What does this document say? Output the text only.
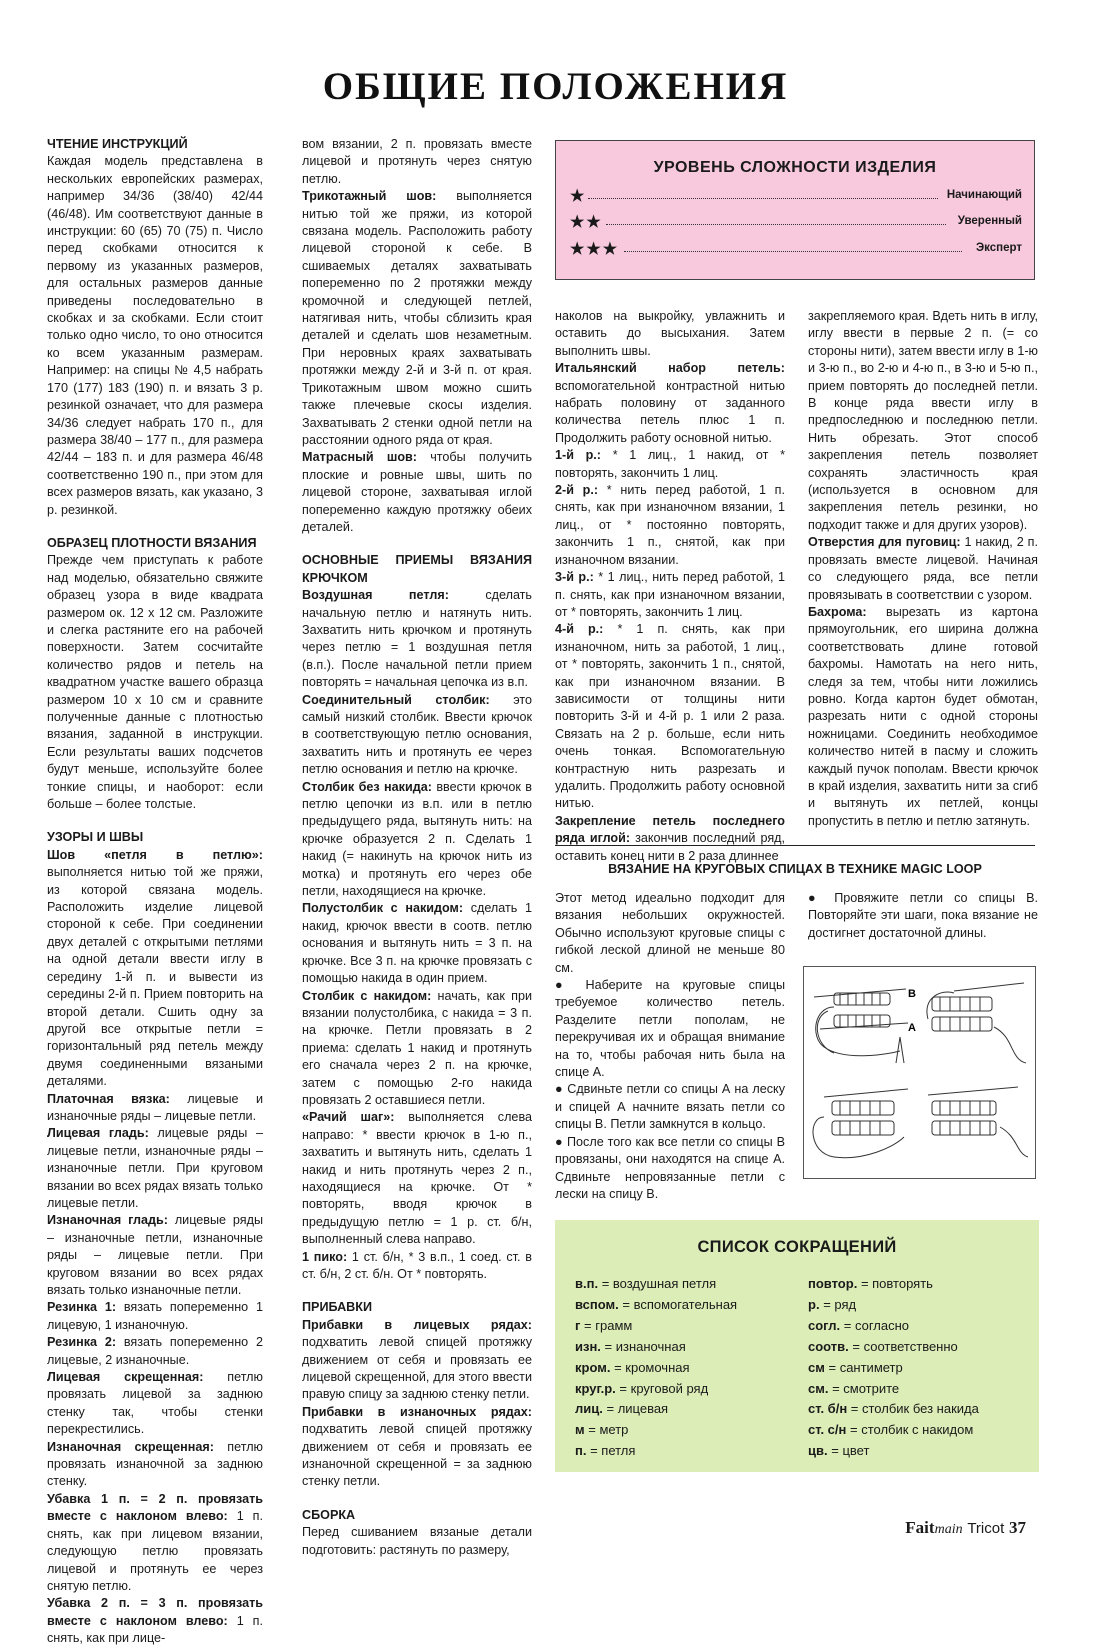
ОБЩИЕ ПОЛОЖЕНИЯ
ЧТЕНИЕ ИНСТРУКЦИЙ

Каждая модель представлена в нескольких европейских размерах, например 34/36 (38/40) 42/44 (46/48). Им соответствуют данные в инструкции: 60 (65) 70 (75) п. Число перед скобками относится к первому из указанных размеров, для остальных размеров данные приведены последовательно в скобках и за скобками. Если стоит только одно число, то оно относится ко всем указанным размерам. Например: на спицы № 4,5 набрать 170 (177) 183 (190) п. и вязать 3 р. резинкой означает, что для размера 34/36 следует набрать 170 п., для размера 38/40 – 177 п., для размера 42/44 – 183 п. и для размера 46/48 соответственно 190 п., при этом для всех размеров вязать, как указано, 3 р. резинкой.

ОБРАЗЕЦ ПЛОТНОСТИ ВЯЗАНИЯ

Прежде чем приступать к работе над моделью, обязательно свяжите образец узора в виде квадрата размером ок. 12 х 12 см. Разложите и слегка растяните его на рабочей поверхности. Затем сосчитайте количество рядов и петель на квадратном участке вашего образца размером 10 х 10 см и сравните полученные данные с плотностью вязания, заданной в инструкции. Если результаты ваших подсчетов будут меньше, используйте более тонкие спицы, и наоборот: если больше – более толстые.

УЗОРЫ И ШВЫ

Шов «петля в петлю»: выполняется нитью той же пряжи, из которой связана модель. Расположить изделие лицевой стороной к себе. При соединении двух деталей с открытыми петлями на одной детали ввести иглу в середину 1-й п. и вывести из середины 2-й п. Прием повторить на второй детали. Сшить одну за другой все открытые петли = горизонтальный ряд петель между двумя соединенными вязаными деталями.

Платочная вязка: лицевые и изнаночные ряды – лицевые петли.

Лицевая гладь: лицевые ряды – лицевые петли, изнаночные ряды – изнаночные петли. При круговом вязании во всех рядах вязать только лицевые петли.

Изнаночная гладь: лицевые ряды – изнаночные петли, изнаночные ряды – лицевые петли. При круговом вязании во всех рядах вязать только изнаночные петли.

Резинка 1: вязать попеременно 1 лицевую, 1 изнаночную.

Резинка 2: вязать попеременно 2 лицевые, 2 изнаночные.

Лицевая скрещенная: петлю провязать лицевой за заднюю стенку так, чтобы стенки перекрестились.

Изнаночная скрещенная: петлю провязать изнаночной за заднюю стенку.

Убавка 1 п. = 2 п. провязать вместе с наклоном влево: 1 п. снять, как при лицевом вязании, следующую петлю провязать лицевой и протянуть ее через снятую петлю.

Убавка 2 п. = 3 п. провязать вместе с наклоном влево: 1 п. снять, как при лице-

вом вязании, 2 п. провязать вместе лицевой и протянуть через снятую петлю.

Трикотажный шов: выполняется нитью той же пряжи, из которой связана модель. Расположить работу лицевой стороной к себе. В сшиваемых деталях захватывать попеременно по 2 протяжки между кромочной и следующей петлей, натягивая нить, чтобы сблизить края деталей и сделать шов незаметным. При неровных краях захватывать протяжки между 2-й и 3-й п. от края. Трикотажным швом можно сшить также плечевые скосы изделия. Захватывать 2 стенки одной петли на расстоянии одного ряда от края.

Матрасный шов: чтобы получить плоские и ровные швы, шить по лицевой стороне, захватывая иглой попеременно каждую протяжку обеих деталей.

ОСНОВНЫЕ ПРИЕМЫ ВЯЗАНИЯ КРЮЧКОМ

Воздушная петля: сделать начальную петлю и натянуть нить. Захватить нить крючком и протянуть через петлю = 1 воздушная петля (в.п.). После начальной петли прием повторять = начальная цепочка из в.п.

Соединительный столбик: это самый низкий столбик. Ввести крючок в соответствующую петлю основания, захватить нить и протянуть ее через петлю основания и петлю на крючке.

Столбик без накида: ввести крючок в петлю цепочки из в.п. или в петлю предыдущего ряда, вытянуть нить: на крючке образуется 2 п. Сделать 1 накид (= накинуть на крючок нить из мотка) и протянуть его через обе петли, находящиеся на крючке.

Полустолбик с накидом: сделать 1 накид, крючок ввести в соотв. петлю основания и вытянуть нить = 3 п. на крючке. Все 3 п. на крючке провязать с помощью накида в один прием.

Столбик с накидом: начать, как при вязании полустолбика, с накида = 3 п. на крючке. Петли провязать в 2 приема: сделать 1 накид и протянуть его сначала через 2 п. на крючке, затем с помощью 2-го накида провязать 2 оставшиеся петли.

«Рачий шаг»: выполняется слева направо: * ввести крючок в 1-ю п., захватить и вытянуть нить, сделать 1 накид и нить протянуть через 2 п., находящиеся на крючке. От * повторять, вводя крючок в предыдущую петлю = 1 р. ст. б/н, выполненный слева направо.

1 пико: 1 ст. б/н, * 3 в.п., 1 соед. ст. в ст. б/н, 2 ст. б/н. От * повторять.

ПРИБАВКИ

Прибавки в лицевых рядах: подхватить левой спицей протяжку движением от себя и провязать ее лицевой скрещенной, для этого ввести правую спицу за заднюю стенку петли.

Прибавки в изнаночных рядах: подхватить левой спицей протяжку движением от себя и провязать ее изнаночной скрещенной = за заднюю стенку петли.

СБОРКА

Перед сшиванием вязаные детали подготовить: растянуть по размеру,

УРОВЕНЬ СЛОЖНОСТИ ИЗДЕЛИЯ
★	Начинающий
★★	Уверенный
★★★	Эксперт

наколов на выкройку, увлажнить и оставить до высыхания. Затем выполнить швы.

Итальянский набор петель: вспомогательной контрастной нитью набрать половину от заданного количества петель плюс 1 п. Продолжить работу основной нитью.

1-й р.: * 1 лиц., 1 накид, от * повторять, закончить 1 лиц.

2-й р.: * нить перед работой, 1 п. снять, как при изнаночном вязании, 1 лиц., от * постоянно повторять, закончить 1 п., снятой, как при изнаночном вязании.

3-й р.: * 1 лиц., нить перед работой, 1 п. снять, как при изнаночном вязании, от * повторять, закончить 1 лиц.

4-й р.: * 1 п. снять, как при изнаночном, нить за работой, 1 лиц., от * повторять, закончить 1 п., снятой, как при изнаночном вязании. В зависимости от толщины нити повторить 3-й и 4-й р. 1 или 2 раза. Связать на 2 р. больше, если нить очень тонкая. Вспомогательную контрастную нить разрезать и удалить. Продолжить работу основной нитью.

Закрепление петель последнего ряда иглой: закончив последний ряд, оставить конец нити в 2 раза длиннее

закрепляемого края. Вдеть нить в иглу, иглу ввести в первые 2 п. (= со стороны нити), затем ввести иглу в 1-ю и 3-ю п., во 2-ю и 4-ю п., в 3-ю и 5-ю п., прием повторять до последней петли. В конце ряда ввести иглу в предпоследнюю и последнюю петли. Нить обрезать. Этот способ закрепления петель позволяет сохранять эластичность края (используется в основном для закрепления петель резинки, но подходит также и для других узоров).

Отверстия для пуговиц: 1 накид, 2 п. провязать вместе лицевой. Начиная со следующего ряда, все петли провязывать в соответствии с узором.

Бахрома: вырезать из картона прямоугольник, его ширина должна соответствовать длине готовой бахромы. Намотать на него нить, следя за тем, чтобы нити ложились ровно. Когда картон будет обмотан, разрезать нити с одной стороны ножницами. Соединить необходимое количество нитей в пасму и сложить каждый пучок пополам. Ввести крючок в край изделия, захватить нити за сгиб и вытянуть их петлей, концы пропустить в петлю и петлю затянуть.

ВЯЗАНИЕ НА КРУГОВЫХ СПИЦАХ В ТЕХНИКЕ MAGIC LOOP

Этот метод идеально подходит для вязания небольших окружностей. Обычно используют круговые спицы с гибкой леской длиной не меньше 80 см.

● Наберите на круговые спицы требуемое количество петель. Разделите петли пополам, не перекручивая их и обращая внимание на то, чтобы рабочая нить была на спице А.

● Сдвиньте петли со спицы А на леску и спицей А начните вязать петли со спицы В. Петли замкнутся в кольцо.

● После того как все петли со спицы В провязаны, они находятся на спице А. Сдвиньте непровязанные петли с лески на спицу В.

● Провяжите петли со спицы В. Повторяйте эти шаги, пока вязание не достигнет достаточной длины.

B
A
СПИСОК СОКРАЩЕНИЙ
в.п. = воздушная петля
вспом. = вспомогательная
г = грамм
изн. = изнаночная
кром. = кромочная
круг.р. = круговой ряд
лиц. = лицевая
м = метр
п. = петля
повтор. = повторять
р. = ряд
согл. = согласно
соотв. = соответственно
см = сантиметр
см. = смотрите
ст. б/н = столбик без накида
ст. с/н = столбик с накидом
цв. = цвет
Faitmain Tricot 37
